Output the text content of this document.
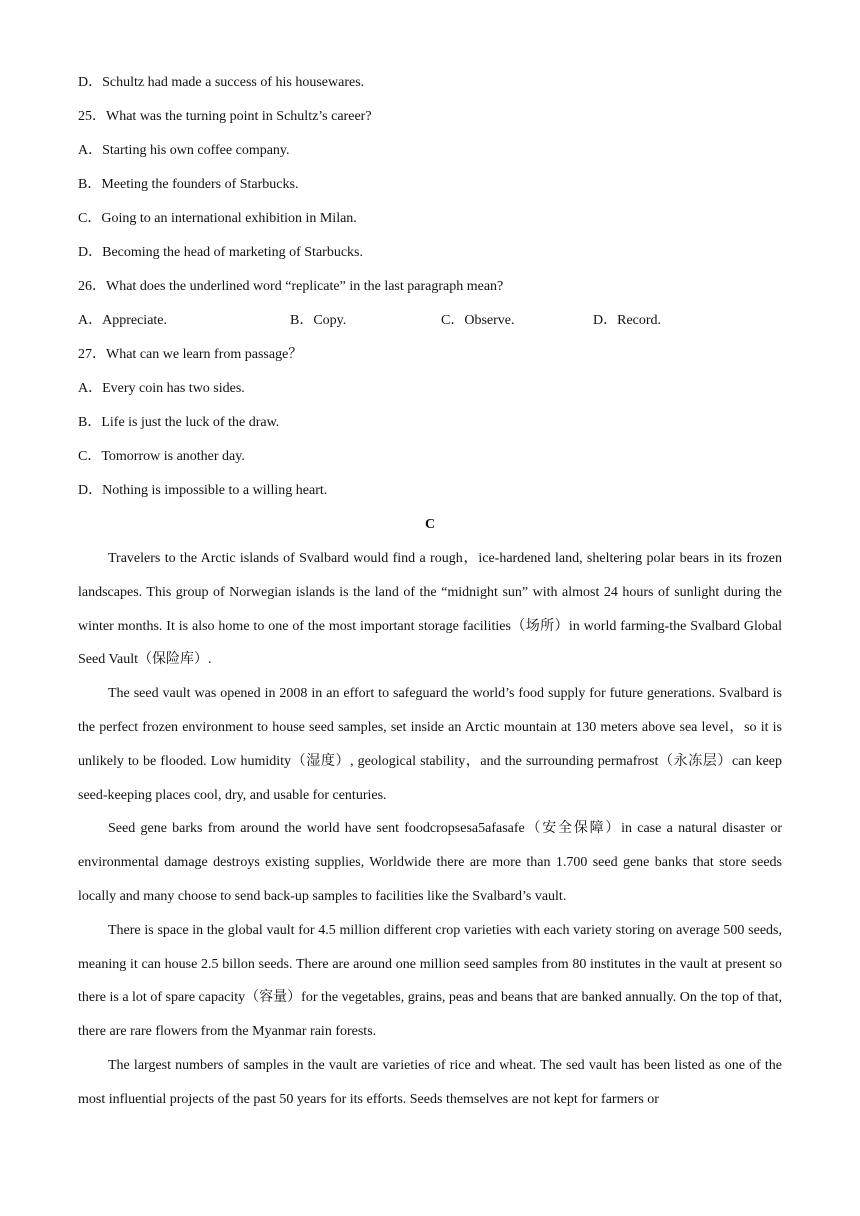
D．Schultz had made a success of his housewares.
25．What was the turning point in Schultz’s career?
A．Starting his own coffee company.
B．Meeting the founders of Starbucks.
C．Going to an international exhibition in Milan.
D．Becoming the head of marketing of Starbucks.
26．What does the underlined word “replicate” in the last paragraph mean?
A．Appreciate.	B．Copy.	C．Observe.	D．Record.
27．What can we learn from passage？
A．Every coin has two sides.
B．Life is just the luck of the draw.
C．Tomorrow is another day.
D．Nothing is impossible to a willing heart.
C

Travelers to the Arctic islands of Svalbard would find a rough，ice-hardened land, sheltering polar bears in its frozen landscapes. This group of Norwegian islands is the land of the “midnight sun” with almost 24 hours of sunlight during the winter months. It is also home to one of the most important storage facilities（场所）in world farming-the Svalbard Global Seed Vault（保险库）.

The seed vault was opened in 2008 in an effort to safeguard the world’s food supply for future generations. Svalbard is the perfect frozen environment to house seed samples, set inside an Arctic mountain at 130 meters above sea level，so it is unlikely to be flooded. Low humidity（湿度）, geological stability，and the surrounding permafrost（永冻层）can keep seed-keeping places cool, dry, and usable for centuries.

Seed gene barks from around the world have sent foodcropsesa5afasafe（安全保障）in case a natural disaster or environmental damage destroys existing supplies, Worldwide there are more than 1.700 seed gene banks that store seeds locally and many choose to send back-up samples to facilities like the Svalbard’s vault.

There is space in the global vault for 4.5 million different crop varieties with each variety storing on average 500 seeds, meaning it can house 2.5 billon seeds. There are around one million seed samples from 80 institutes in the vault at present so there is a lot of spare capacity（容量）for the vegetables, grains, peas and beans that are banked annually. On the top of that, there are rare flowers from the Myanmar rain forests.

The largest numbers of samples in the vault are varieties of rice and wheat. The sed vault has been listed as one of the most influential projects of the past 50 years for its efforts. Seeds themselves are not kept for farmers or
